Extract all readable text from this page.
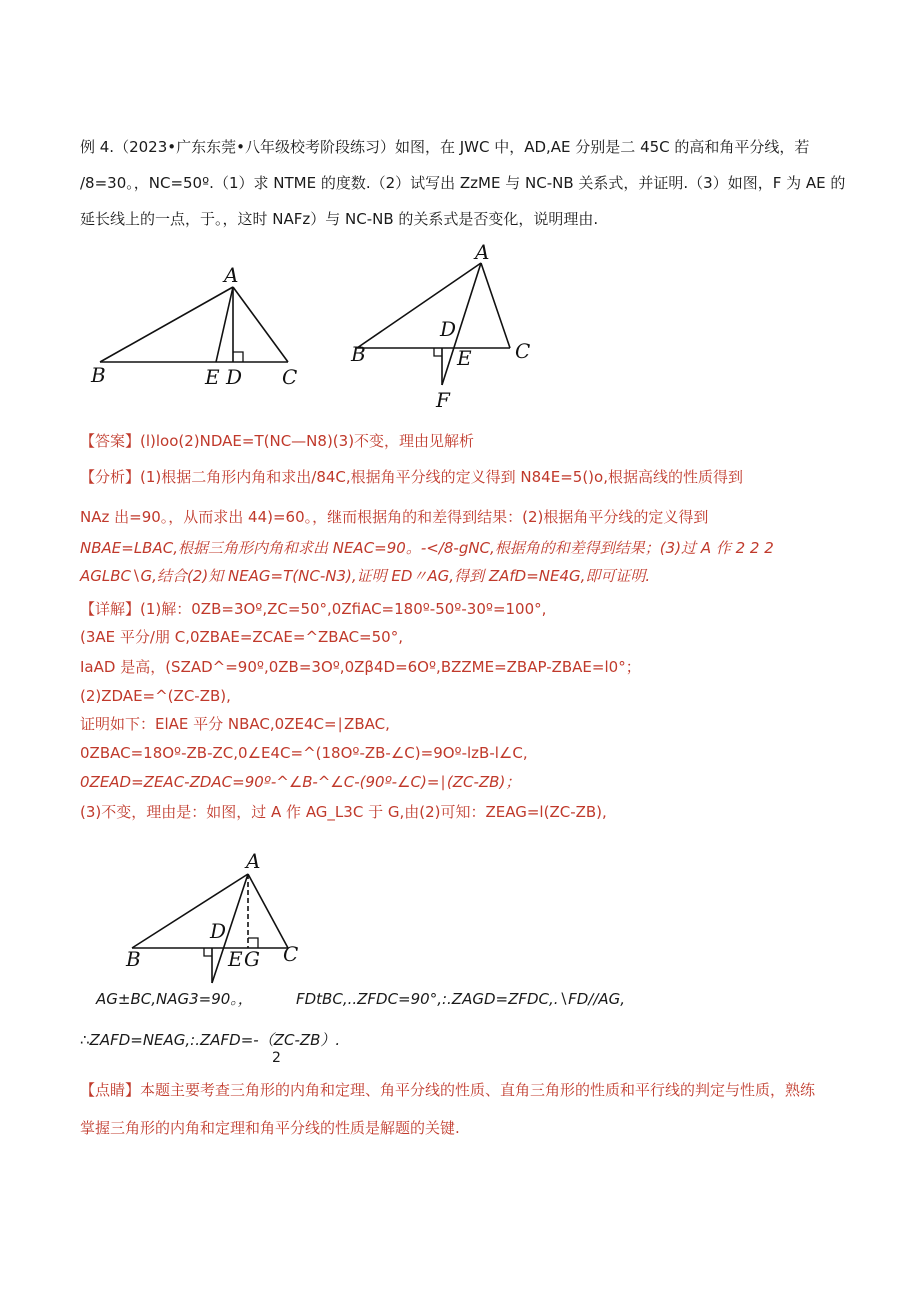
例 4.（2023•广东东莞•八年级校考阶段练习）如图，在 JWC 中，AD,AE 分别是二 45C 的高和角平分线，若
/8=30。，NC=50º.（1）求 NTME 的度数.（2）试写出 ZzME 与 NC-NB 关系式，并证明.（3）如图，F 为 AE 的
延长线上的一点，于。，这时 NAFz）与 NC-NB 的关系式是否变化，说明理由.
A
B	E D C
A
D
B	E C
F
【答案】(l)loo(2)NDAE=T(NC—N8)(3)不变，理由见解析
【分析】(1)根据二角形内角和求出/84C,根据角平分线的定义得到 N84E=5()o,根据高线的性质得到
NAz 出=90。，从而求出 44)=60。，继而根据角的和差得到结果：(2)根据角平分线的定义得到
NBAE=LBAC,根据三角形内角和求出 NEAC=90。-</8-gNC,根据角的和差得到结果；(3)过 A 作 2 2 2
AGLBC∖G,结合(2)知 NEAG=T(NC-N3),证明 ED〃AG,得到 ZAfD=NE4G,即可证明.
【详解】(1)解：0ZB=3Oº,ZC=50°,0ZfiAC=180º-50º-30º=100°,
(3AE 平分/朋 C,0ZBAE=ZCAE=^ZBAC=50°,
IaAD 是高，(SZAD^=90º,0ZB=3Oº,0Zβ4D=6Oº,BZZME=ZBAP-ZBAE=l0°；
(2)ZDAE=^(ZC-ZB),
证明如下：ElAE 平分 NBAC,0ZE4C=∣ZBAC,
0ZBAC=18Oº-ZB-ZC,0∠E4C=^(18Oº-ZB-∠C)=9Oº-lzB-l∠C,
0ZEAD=ZEAC-ZDAC=90º-^∠B-^∠C-(90º-∠C)=∣(ZC-ZB)；
(3)不变，理由是：如图，过 A 作 AG_L3C 于 G,由(2)可知：ZEAG=l(ZC-ZB),
A
D
B	E G C
AG±BC,NAG3=90。，	FDtBC,..ZFDC=90°,:.ZAGD=ZFDC,.∖FD∕∕AG,
∴ZAFD=NEAG,:.ZAFD=-（ZC-ZB）.
2
【点睛】本题主要考查三角形的内角和定理、角平分线的性质、直角三角形的性质和平行线的判定与性质，熟练
掌握三角形的内角和定理和角平分线的性质是解题的关键.
